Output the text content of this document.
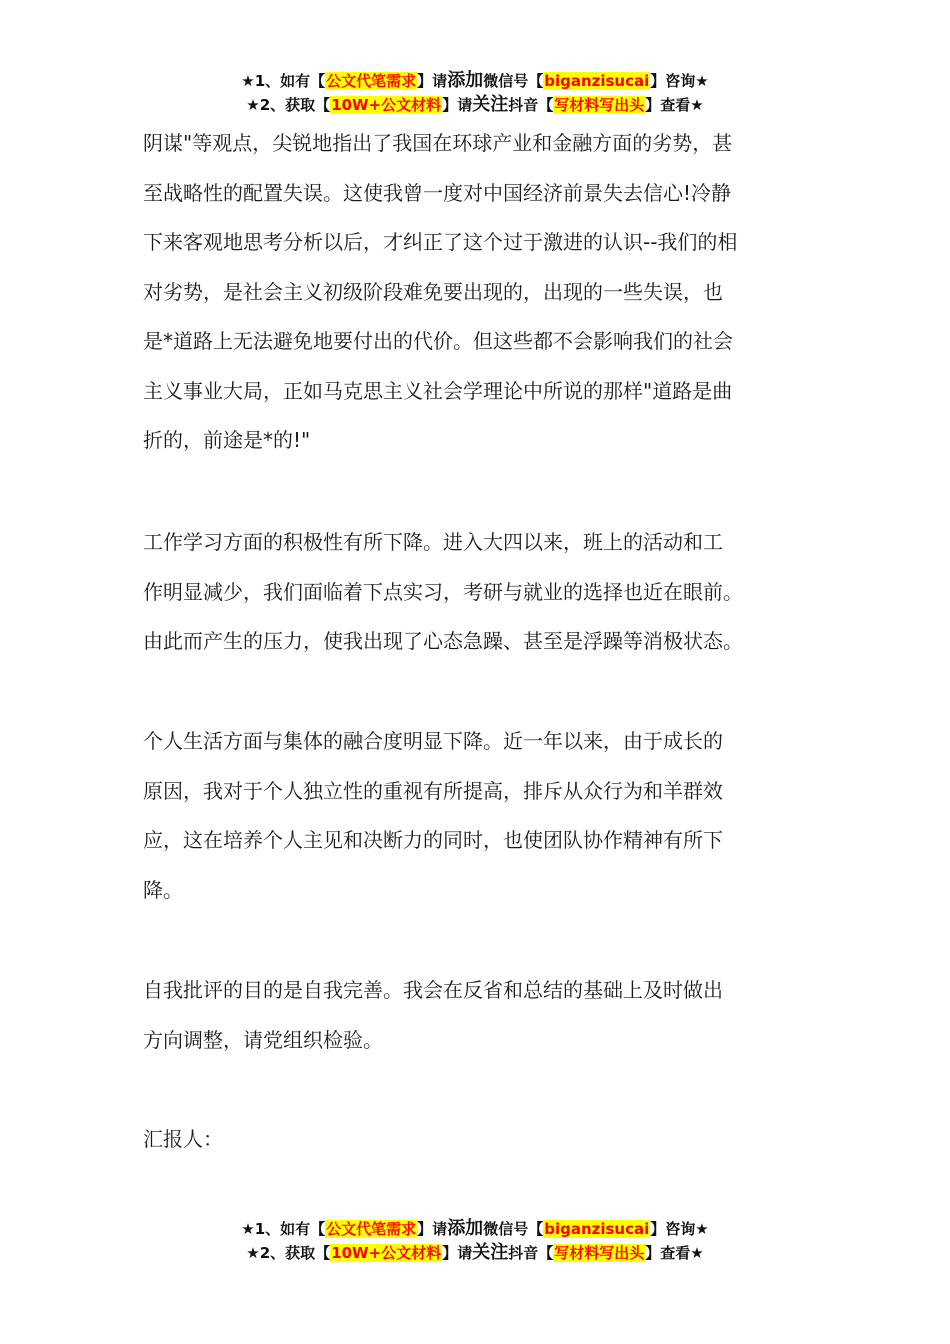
★1、如有【公文代笔需求】请添加微信号【biganzisucai】咨询★
★2、获取【10W+公文材料】请关注抖音【写材料写出头】查看★

阴谋"等观点，尖锐地指出了我国在环球产业和金融方面的劣势，甚

至战略性的配置失误。这使我曾一度对中国经济前景失去信心!冷静

下来客观地思考分析以后，才纠正了这个过于激进的认识--我们的相

对劣势，是社会主义初级阶段难免要出现的，出现的一些失误，也

是*道路上无法避免地要付出的代价。但这些都不会影响我们的社会

主义事业大局，正如马克思主义社会学理论中所说的那样"道路是曲

折的，前途是*的!"

工作学习方面的积极性有所下降。进入大四以来，班上的活动和工

作明显减少，我们面临着下点实习，考研与就业的选择也近在眼前。

由此而产生的压力，使我出现了心态急躁、甚至是浮躁等消极状态。

个人生活方面与集体的融合度明显下降。近一年以来，由于成长的

原因，我对于个人独立性的重视有所提高，排斥从众行为和羊群效

应，这在培养个人主见和决断力的同时，也使团队协作精神有所下

降。

自我批评的目的是自我完善。我会在反省和总结的基础上及时做出

方向调整，请党组织检验。

汇报人：

★1、如有【公文代笔需求】请添加微信号【biganzisucai】咨询★
★2、获取【10W+公文材料】请关注抖音【写材料写出头】查看★
